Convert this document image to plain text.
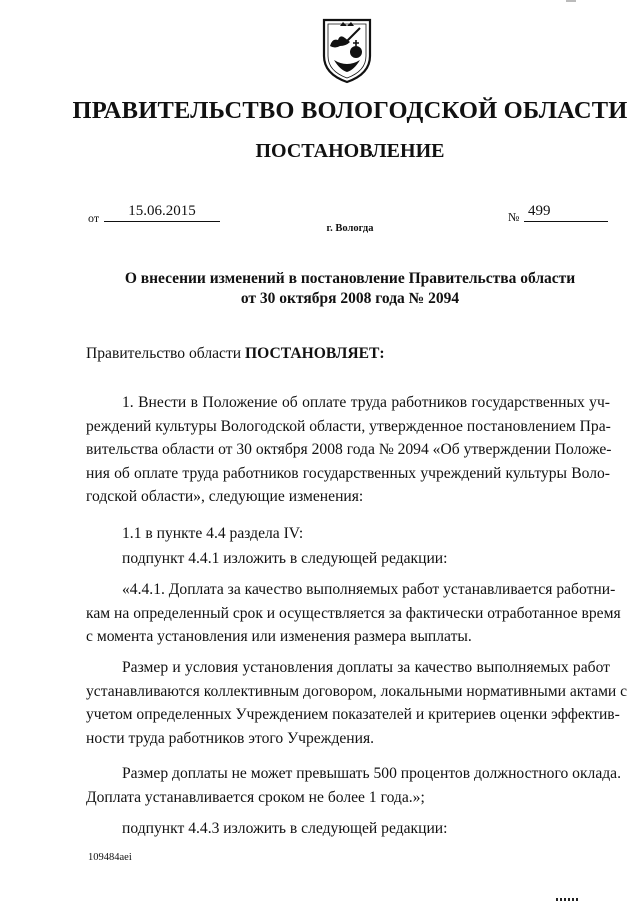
ПРАВИТЕЛЬСТВО ВОЛОГОДСКОЙ ОБЛАСТИ
ПОСТАНОВЛЕНИЕ
от	15.06.2015	№ 499
г. Вологда
О внесении изменений в постановление Правительства области
от 30 октября 2008 года № 2094
Правительство области ПОСТАНОВЛЯЕТ:
1. Внести в Положение об оплате труда работников государственных уч-
реждений культуры Вологодской области, утвержденное постановлением Пра-
вительства области от 30 октября 2008 года № 2094 «Об утверждении Положе-
ния об оплате труда работников государственных учреждений культуры Воло-
годской области», следующие изменения:
1.1 в пункте 4.4 раздела IV:
подпункт 4.4.1 изложить в следующей редакции:
«4.4.1. Доплата за качество выполняемых работ устанавливается работни-
кам на определенный срок и осуществляется за фактически отработанное время
с момента установления или изменения размера выплаты.
Размер и условия установления доплаты за качество выполняемых работ
устанавливаются коллективным договором, локальными нормативными актами с
учетом определенных Учреждением показателей и критериев оценки эффектив-
ности труда работников этого Учреждения.
Размер доплаты не может превышать 500 процентов должностного оклада.
Доплата устанавливается сроком не более 1 года.»;
подпункт 4.4.3 изложить в следующей редакции:
109484аеі
